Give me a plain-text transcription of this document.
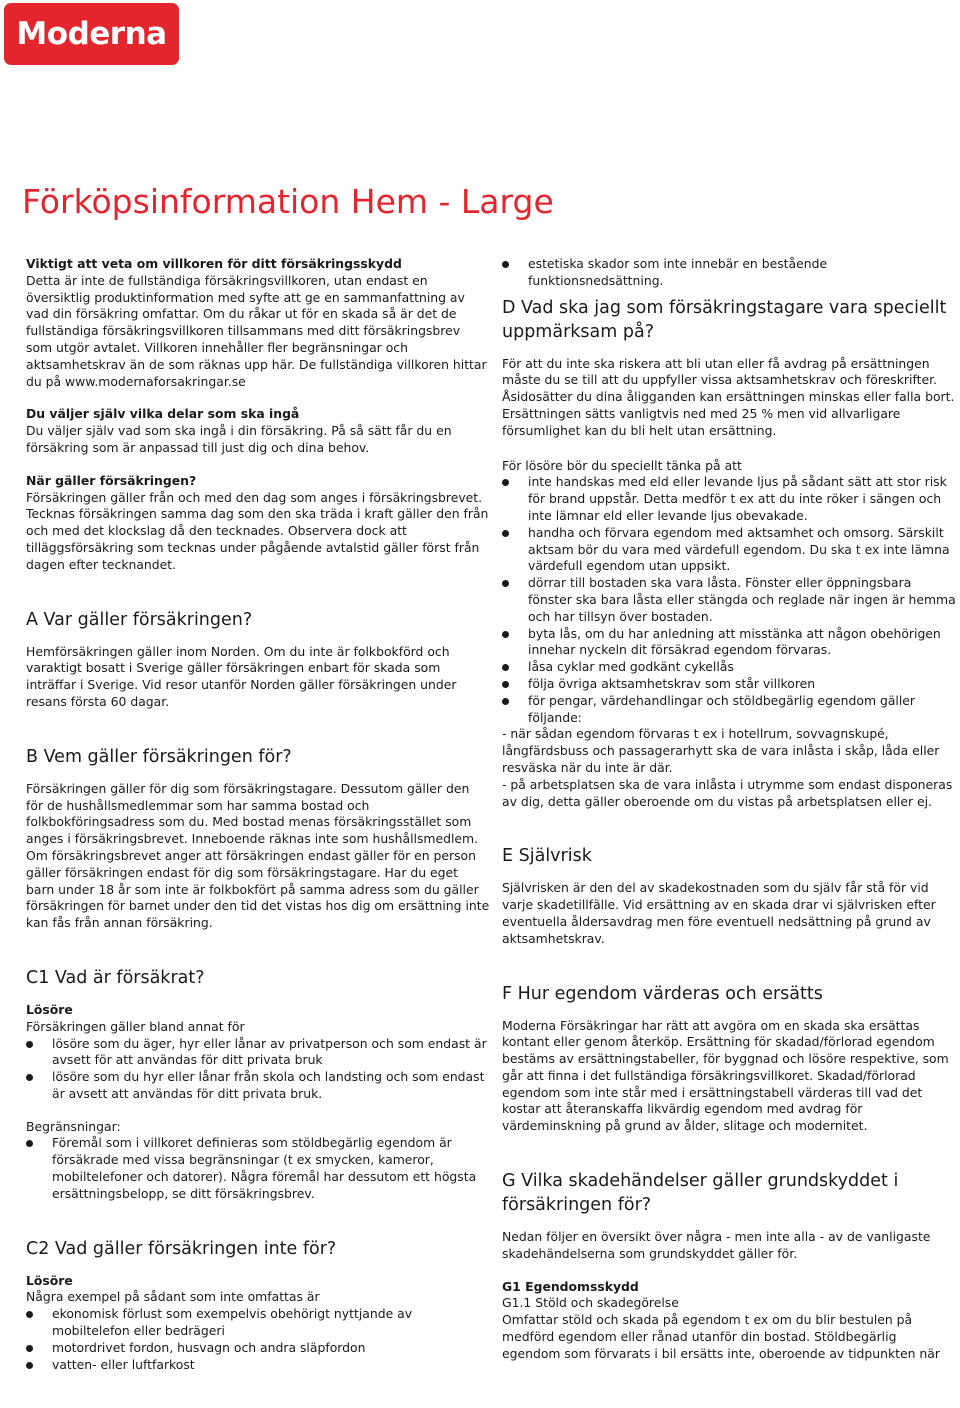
Moderna
Förköpsinformation Hem - Large

Viktigt att veta om villkoren för ditt försäkringsskydd

Detta är inte de fullständiga försäkringsvillkoren, utan endast en översiktlig produktinformation med syfte att ge en sammanfattning av vad din försäkring omfattar. Om du råkar ut för en skada så är det de fullständiga försäkringsvillkoren tillsammans med ditt försäkringsbrev som utgör avtalet. Villkoren innehåller fler begränsningar och aktsamhetskrav än de som räknas upp här. De fullständiga villkoren hittar du på www.modernaforsakringar.se

Du väljer själv vilka delar som ska ingå

Du väljer själv vad som ska ingå i din försäkring. På så sätt får du en försäkring som är anpassad till just dig och dina behov.

När gäller försäkringen?

Försäkringen gäller från och med den dag som anges i försäkringsbrevet. Tecknas försäkringen samma dag som den ska träda i kraft gäller den från och med det klockslag då den tecknades. Observera dock att tilläggsförsäkring som tecknas under pågående avtalstid gäller först från dagen efter tecknandet.

A Var gäller försäkringen?

Hemförsäkringen gäller inom Norden. Om du inte är folkbokförd och varaktigt bosatt i Sverige gäller försäkringen enbart för skada som inträffar i Sverige. Vid resor utanför Norden gäller försäkringen under resans första 60 dagar.

B Vem gäller försäkringen för?

Försäkringen gäller för dig som försäkringstagare. Dessutom gäller den för de hushållsmedlemmar som har samma bostad och folkbokföringsadress som du. Med bostad menas försäkringsstället som anges i försäkringsbrevet. Inneboende räknas inte som hushållsmedlem. Om försäkringsbrevet anger att försäkringen endast gäller för en person gäller försäkringen endast för dig som försäkringstagare. Har du eget barn under 18 år som inte är folkbokfört på samma adress som du gäller försäkringen för barnet under den tid det vistas hos dig om ersättning inte kan fås från annan försäkring.

C1 Vad är försäkrat?

Lösöre

Försäkringen gäller bland annat för

lösöre som du äger, hyr eller lånar av privatperson och som endast är avsett för att användas för ditt privata bruk
lösöre som du hyr eller lånar från skola och landsting och som endast är avsett att användas för ditt privata bruk.

Begränsningar:

Föremål som i villkoret definieras som stöldbegärlig egendom är försäkrade med vissa begränsningar (t ex smycken, kameror, mobiltelefoner och datorer). Några föremål har dessutom ett högsta ersättningsbelopp, se ditt försäkringsbrev.
C2 Vad gäller försäkringen inte för?

Lösöre

Några exempel på sådant som inte omfattas är

ekonomisk förlust som exempelvis obehörigt nyttjande av mobiltelefon eller bedrägeri
motordrivet fordon, husvagn och andra släpfordon
vatten- eller luftfarkost
estetiska skador som inte innebär en bestående funktionsnedsättning.
D Vad ska jag som försäkringstagare vara speciellt uppmärksam på?

För att du inte ska riskera att bli utan eller få avdrag på ersättningen måste du se till att du uppfyller vissa aktsamhetskrav och föreskrifter. Åsidosätter du dina åligganden kan ersättningen minskas eller falla bort. Ersättningen sätts vanligtvis ned med 25 % men vid allvarligare försumlighet kan du bli helt utan ersättning.

För lösöre bör du speciellt tänka på att

inte handskas med eld eller levande ljus på sådant sätt att stor risk för brand uppstår. Detta medför t ex att du inte röker i sängen och inte lämnar eld eller levande ljus obevakade.
handha och förvara egendom med aktsamhet och omsorg. Särskilt aktsam bör du vara med värdefull egendom. Du ska t ex inte lämna värdefull egendom utan uppsikt.
dörrar till bostaden ska vara låsta. Fönster eller öppningsbara fönster ska bara låsta eller stängda och reglade när ingen är hemma och har tillsyn över bostaden.
byta lås, om du har anledning att misstänka att någon obehörigen innehar nyckeln dit försäkrad egendom förvaras.
låsa cyklar med godkänt cykellås
följa övriga aktsamhetskrav som står villkoren
för pengar, värdehandlingar och stöldbegärlig egendom gäller följande:

- när sådan egendom förvaras t ex i hotellrum, sovvagnskupé, långfärdsbuss och passagerarhytt ska de vara inlåsta i skåp, låda eller resväska när du inte är där.

- på arbetsplatsen ska de vara inlåsta i utrymme som endast disponeras av dig, detta gäller oberoende om du vistas på arbetsplatsen eller ej.

E Självrisk

Självrisken är den del av skadekostnaden som du själv får stå för vid varje skadetillfälle. Vid ersättning av en skada drar vi självrisken efter eventuella åldersavdrag men före eventuell nedsättning på grund av aktsamhetskrav.

F Hur egendom värderas och ersätts

Moderna Försäkringar har rätt att avgöra om en skada ska ersättas kontant eller genom återköp. Ersättning för skadad/förlorad egendom bestäms av ersättningstabeller, för byggnad och lösöre respektive, som går att finna i det fullständiga försäkringsvillkoret. Skadad/förlorad egendom som inte står med i ersättningstabell värderas till vad det kostar att återanskaffa likvärdig egendom med avdrag för värdeminskning på grund av ålder, slitage och modernitet.

G Vilka skadehändelser gäller grundskyddet i försäkringen för?

Nedan följer en översikt över några - men inte alla - av de vanligaste skadehändelserna som grundskyddet gäller för.

G1 Egendomsskydd

G1.1 Stöld och skadegörelse

Omfattar stöld och skada på egendom t ex om du blir bestulen på medförd egendom eller rånad utanför din bostad. Stöldbegärlig egendom som förvarats i bil ersätts inte, oberoende av tidpunkten när
